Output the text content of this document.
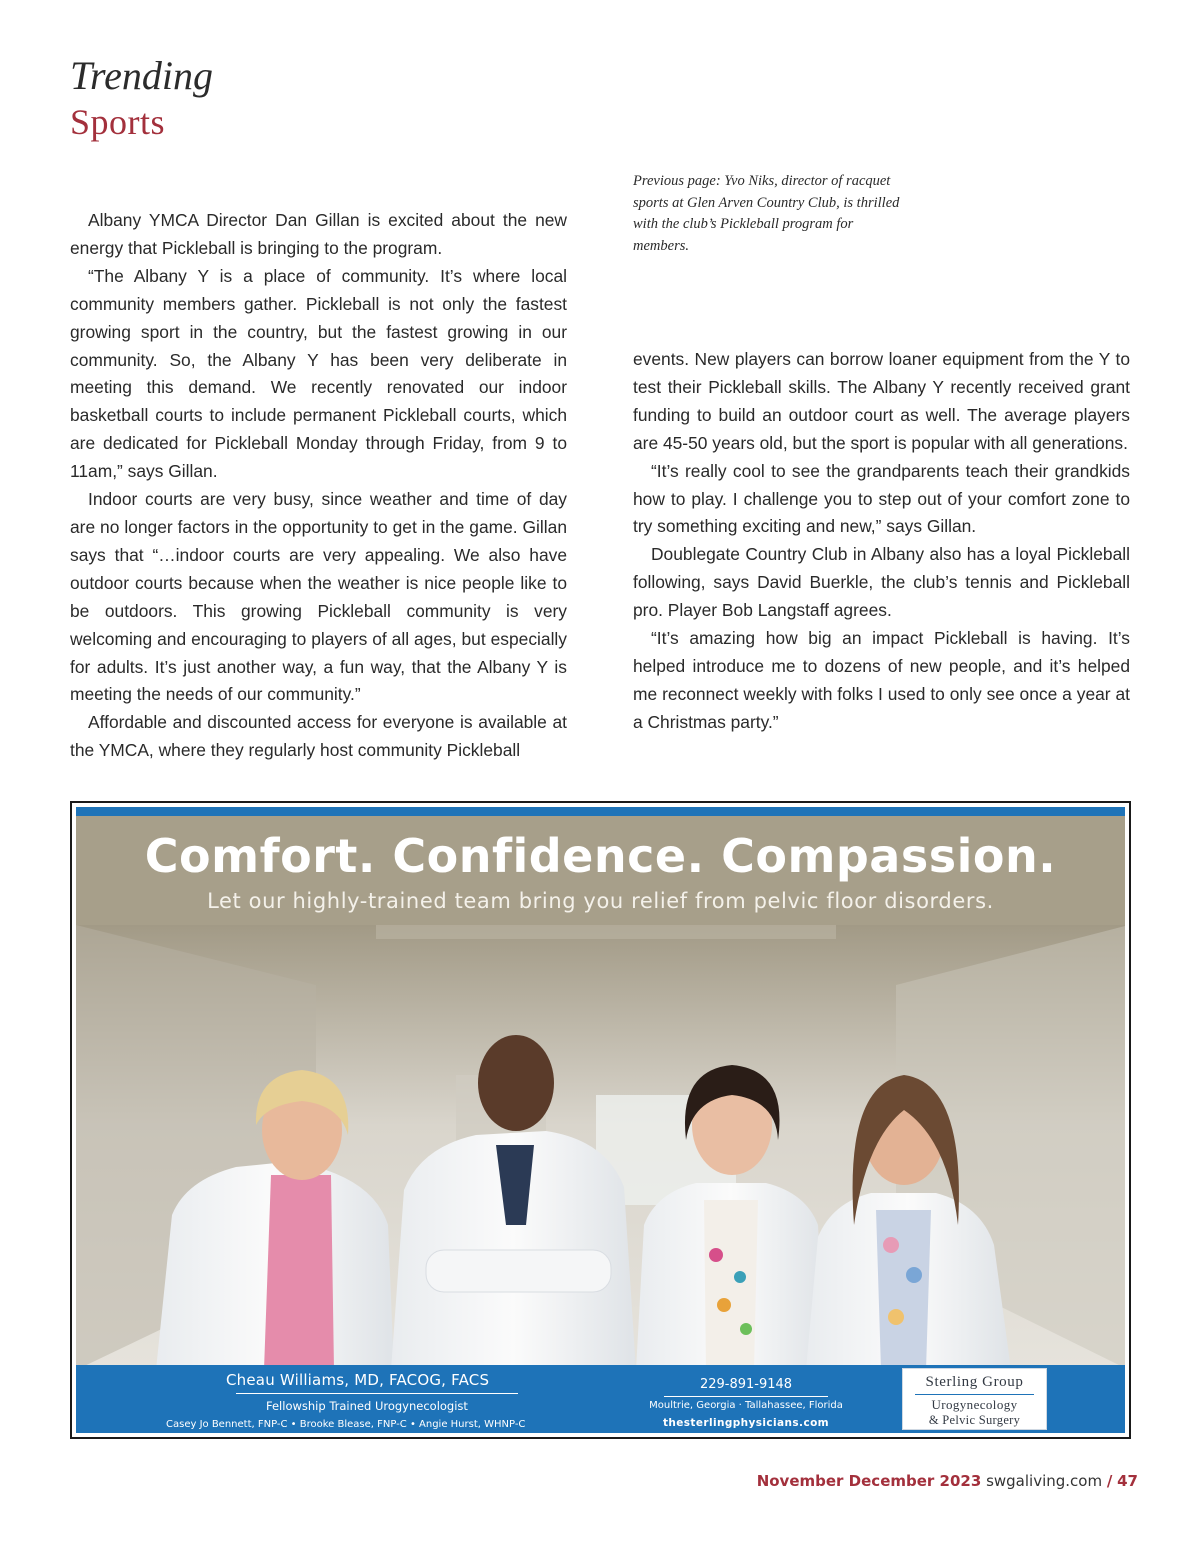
Trending
Sports
Previous page: Yvo Niks, director of racquet sports at Glen Arven Country Club, is thrilled with the club’s Pickleball program for members.

Albany YMCA Director Dan Gillan is excited about the new energy that Pickleball is bringing to the program.

“The Albany Y is a place of community. It’s where local community members gather. Pickleball is not only the fastest growing sport in the country, but the fastest growing in our community. So, the Albany Y has been very deliberate in meeting this demand. We recently renovated our indoor basketball courts to include permanent Pickleball courts, which are dedicated for Pickleball Monday through Friday, from 9 to 11am,” says Gillan.

Indoor courts are very busy, since weather and time of day are no longer factors in the opportunity to get in the game. Gillan says that “…indoor courts are very appealing. We also have outdoor courts because when the weather is nice people like to be outdoors. This growing Pickleball community is very welcoming and encouraging to players of all ages, but especially for adults. It’s just another way, a fun way, that the Albany Y is meeting the needs of our community.”

Affordable and discounted access for everyone is available at the YMCA, where they regularly host community Pickleball

events. New players can borrow loaner equipment from the Y to test their Pickleball skills. The Albany Y recently received grant funding to build an outdoor court as well. The average players are 45-50 years old, but the sport is popular with all generations.

“It’s really cool to see the grandparents teach their grandkids how to play. I challenge you to step out of your comfort zone to try something exciting and new,” says Gillan.

Doublegate Country Club in Albany also has a loyal Pickleball following, says David Buerkle, the club’s tennis and Pickleball pro. Player Bob Langstaff agrees.

“It’s amazing how big an impact Pickleball is having. It’s helped introduce me to dozens of new people, and it’s helped me reconnect weekly with folks I used to only see once a year at a Christmas party.”

Comfort. Confidence. Compassion.
Let our highly-trained team bring you relief from pelvic floor disorders.
Cheau Williams, MD, FACOG, FACS
Fellowship Trained Urogynecologist
Casey Jo Bennett, FNP-C • Brooke Blease, FNP-C • Angie Hurst, WHNP-C
229-891-9148
Moultrie, Georgia · Tallahassee, Florida
thesterlingphysicians.com
Sterling Group
Urogynecology
& Pelvic Surgery
November December 2023 swgaliving.com / 47
